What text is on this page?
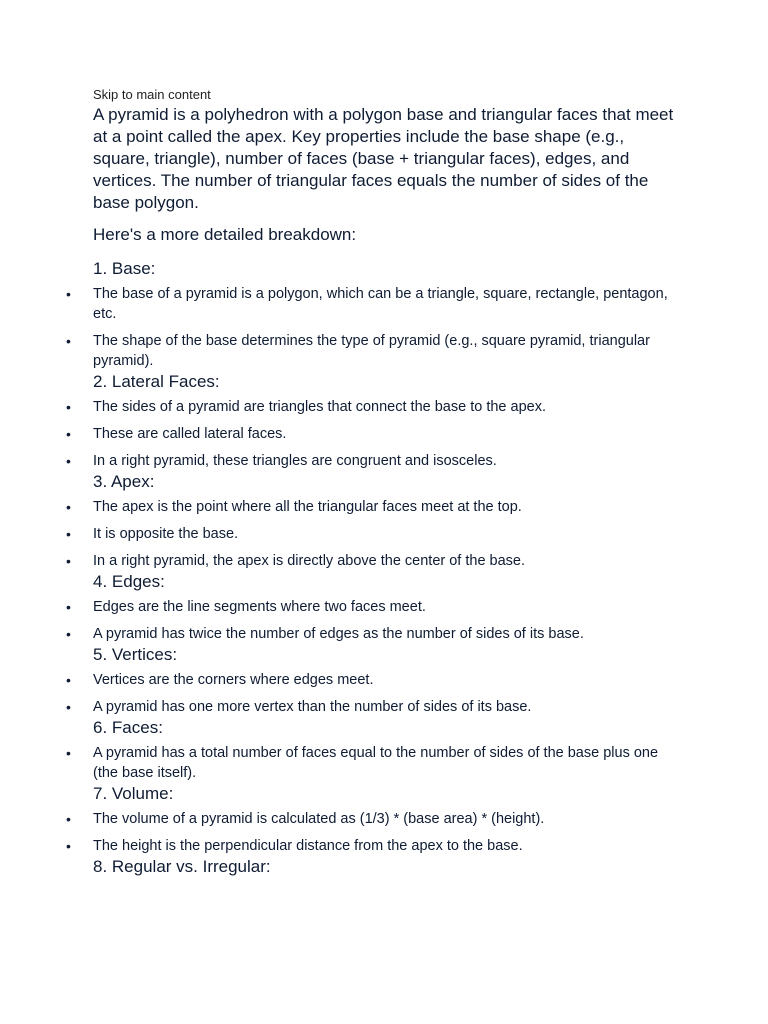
Skip to main content

A pyramid is a polyhedron with a polygon base and triangular faces that meet at a point called the apex. Key properties include the base shape (e.g., square, triangle), number of faces (base + triangular faces), edges, and vertices. The number of triangular faces equals the number of sides of the base polygon.

Here's a more detailed breakdown:

1. Base:

•	The base of a pyramid is a polygon, which can be a triangle, square, rectangle, pentagon, etc.
•	The shape of the base determines the type of pyramid (e.g., square pyramid, triangular pyramid).

2. Lateral Faces:

•	The sides of a pyramid are triangles that connect the base to the apex.
•	These are called lateral faces.
•	In a right pyramid, these triangles are congruent and isosceles.

3. Apex:

•	The apex is the point where all the triangular faces meet at the top.
•	It is opposite the base.
•	In a right pyramid, the apex is directly above the center of the base.

4. Edges:

•	Edges are the line segments where two faces meet.
•	A pyramid has twice the number of edges as the number of sides of its base.

5. Vertices:

•	Vertices are the corners where edges meet.
•	A pyramid has one more vertex than the number of sides of its base.

6. Faces:

•	A pyramid has a total number of faces equal to the number of sides of the base plus one (the base itself).

7. Volume:

•	The volume of a pyramid is calculated as (1/3) * (base area) * (height).
•	The height is the perpendicular distance from the apex to the base.

8. Regular vs. Irregular:
